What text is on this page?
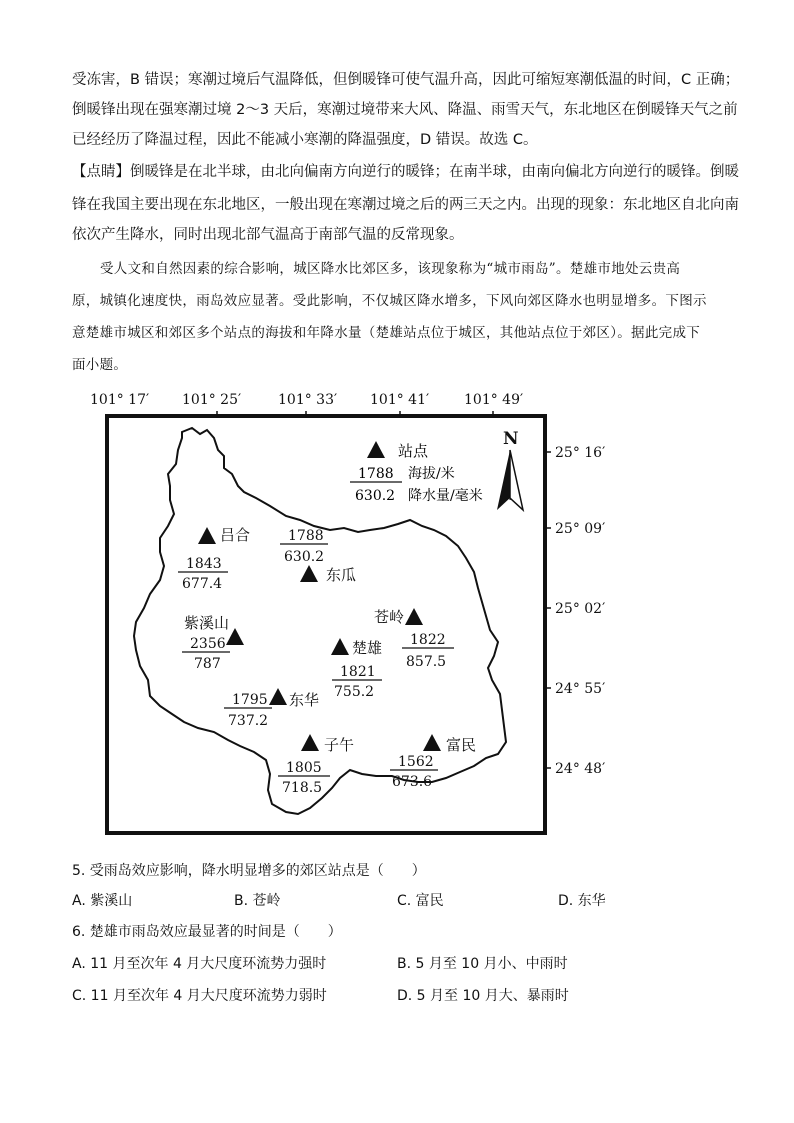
受冻害，B 错误；寒潮过境后气温降低，但倒暖锋可使气温升高，因此可缩短寒潮低温的时间，C 正确；
倒暖锋出现在强寒潮过境 2～3 天后，寒潮过境带来大风、降温、雨雪天气，东北地区在倒暖锋天气之前
已经经历了降温过程，因此不能减小寒潮的降温强度，D 错误。故选 C。
【点睛】倒暖锋是在北半球，由北向偏南方向逆行的暖锋；在南半球，由南向偏北方向逆行的暖锋。倒暖
锋在我国主要出现在东北地区，一般出现在寒潮过境之后的两三天之内。出现的现象：东北地区自北向南
依次产生降水，同时出现北部气温高于南部气温的反常现象。
受人文和自然因素的综合影响，城区降水比郊区多，该现象称为“城市雨岛”。楚雄市地处云贵高
原，城镇化速度快，雨岛效应显著。受此影响，不仅城区降水增多，下风向郊区降水也明显增多。下图示
意楚雄市城区和郊区多个站点的海拔和年降水量（楚雄站点位于城区，其他站点位于郊区）。据此完成下
面小题。
101° 17′ 101° 25′	101° 33′ 101° 41′ 101° 49′
25° 16′
25° 09′
25° 02′
24° 55′
24° 48′
N
站点
1788
630.2
海拔/米
降水量/毫米
吕合
1843
677.4
1788
630.2
东瓜
紫溪山
2356
787
苍岭
1822
857.5
楚雄
1821
755.2
1795 东华
737.2
子午
1805
718.5
富民
1562
673.6
5. 受雨岛效应影响，降水明显增多的郊区站点是（　　）
A. 紫溪山	B. 苍岭	C. 富民	D. 东华
6. 楚雄市雨岛效应最显著的时间是（　　）
A. 11 月至次年 4 月大尺度环流势力强时	B. 5 月至 10 月小、中雨时
C. 11 月至次年 4 月大尺度环流势力弱时	D. 5 月至 10 月大、暴雨时
